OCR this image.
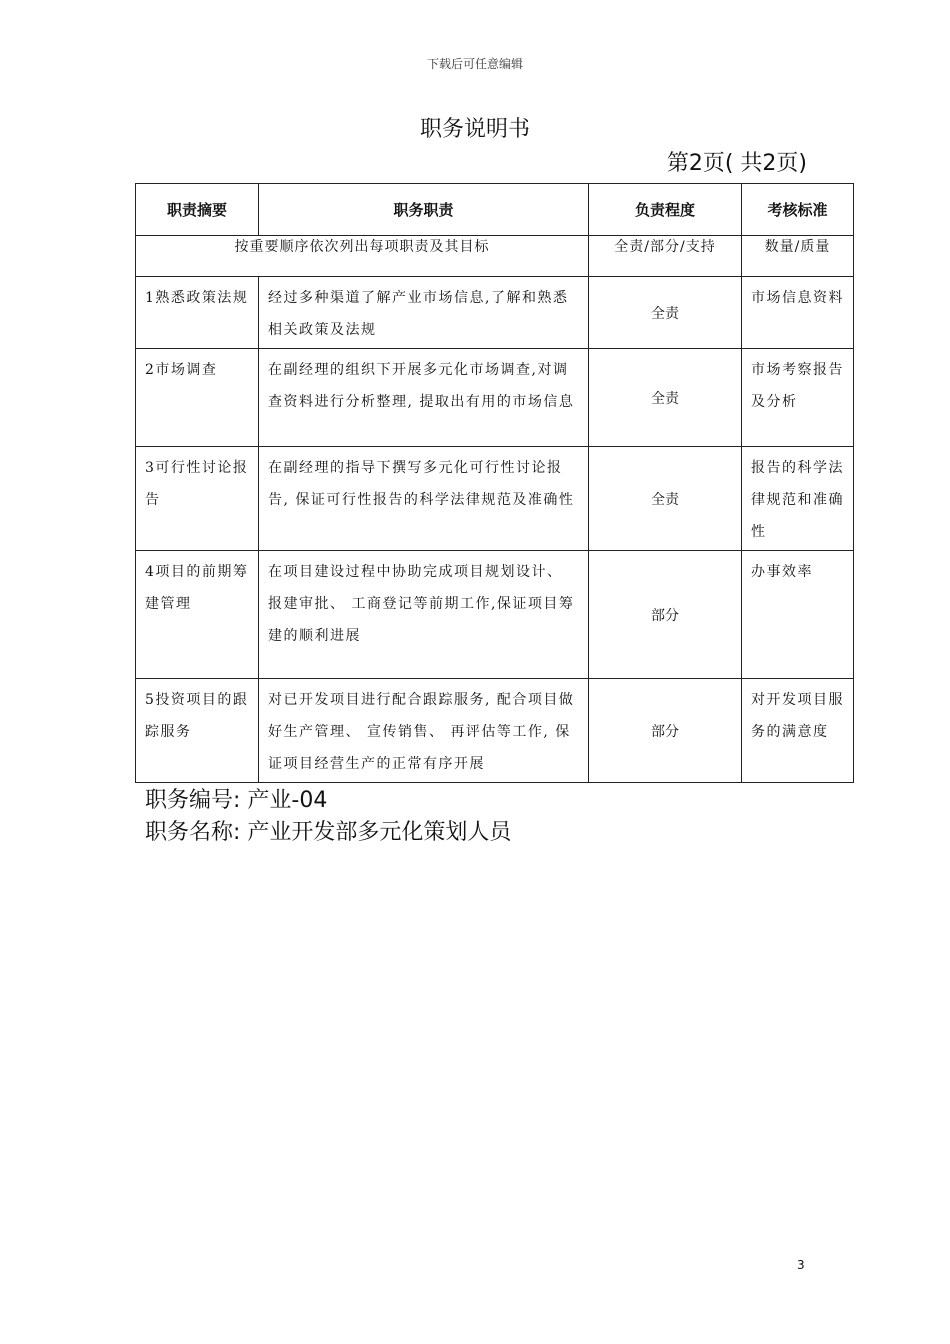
下载后可任意编辑
职务说明书
第2页( 共2页)
职责摘要	职务职责	负责程度	考核标准
按重要顺序依次列出每项职责及其目标		全责/部分/支持	数量/质量

1熟悉政策法规	经过多种渠道了解产业市场信息,了解和熟悉相关政策及法规	全责	市场信息资料

2市场调查	在副经理的组织下开展多元化市场调查,对调查资料进行分析整理, 提取出有用的市场信息	全责	市场考察报告及分析

3可行性讨论报告	在副经理的指导下撰写多元化可行性讨论报告, 保证可行性报告的科学法律规范及准确性	全责	报告的科学法律规范和准确性

4项目的前期筹建管理	在项目建设过程中协助完成项目规划设计、 报建审批、 工商登记等前期工作,保证项目筹建的顺利进展	部分	办事效率

5投资项目的跟踪服务	对已开发项目进行配合跟踪服务, 配合项目做好生产管理、 宣传销售、 再评估等工作, 保证项目经营生产的正常有序开展	部分	对开发项目服务的满意度
职务编号: 产业-04
职务名称: 产业开发部多元化策划人员
3
